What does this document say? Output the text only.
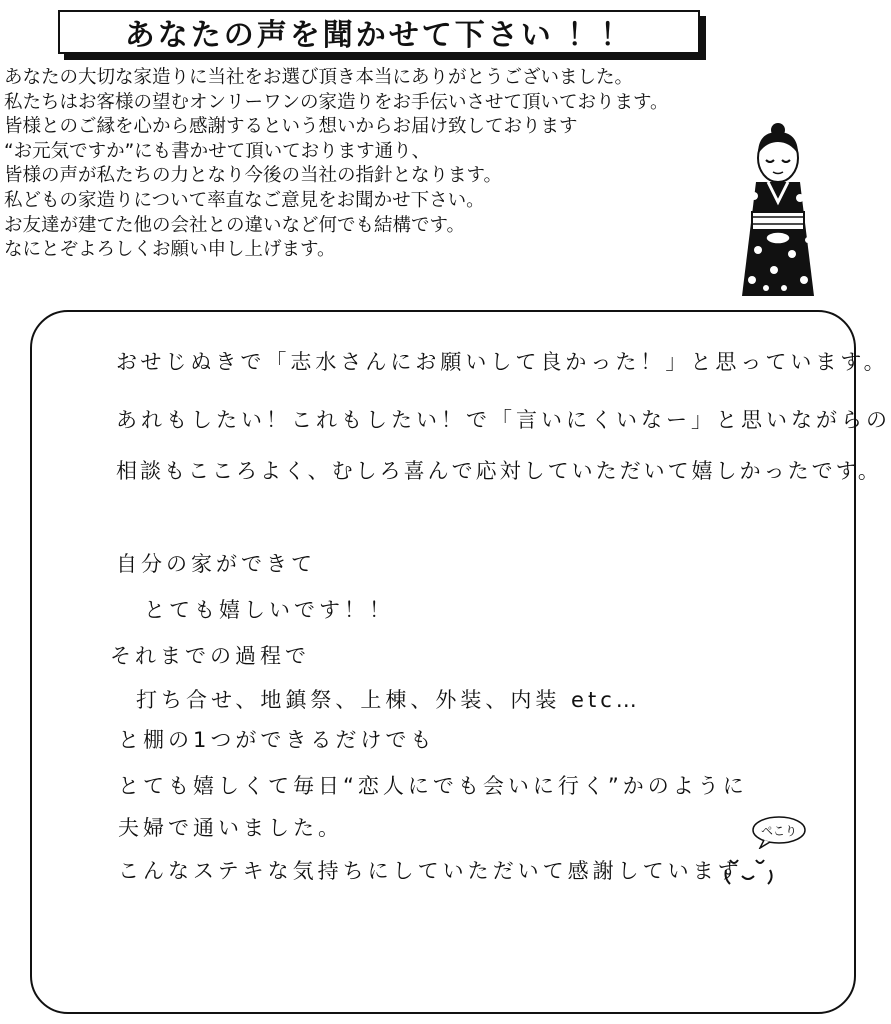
あなたの声を聞かせて下さい ！！
あなたの大切な家造りに当社をお選び頂き本当にありがとうございました。
私たちはお客様の望むオンリーワンの家造りをお手伝いさせて頂いております。
皆様とのご縁を心から感謝するという想いからお届け致しております
“お元気ですか”にも書かせて頂いております通り、
皆様の声が私たちの力となり今後の当社の指針となります。
私どもの家造りについて率直なご意見をお聞かせ下さい。
お友達が建てた他の会社との違いなど何でも結構です。
なにとぞよろしくお願い申し上げます。
おせじぬきで「志水さんにお願いして良かった！」と思っています。
あれもしたい！これもしたい！で「言いにくいなー」と思いながらの
相談もこころよく、むしろ喜んで応対していただいて嬉しかったです。
自分の家ができて
とても嬉しいです！！
それまでの過程で
打ち合せ、地鎮祭、上棟、外装、内装 etc…
と棚の1つができるだけでも
とても嬉しくて毎日“恋人にでも会いに行く”かのように
夫婦で通いました。
こんなステキな気持ちにしていただいて感謝しています
ペこり
